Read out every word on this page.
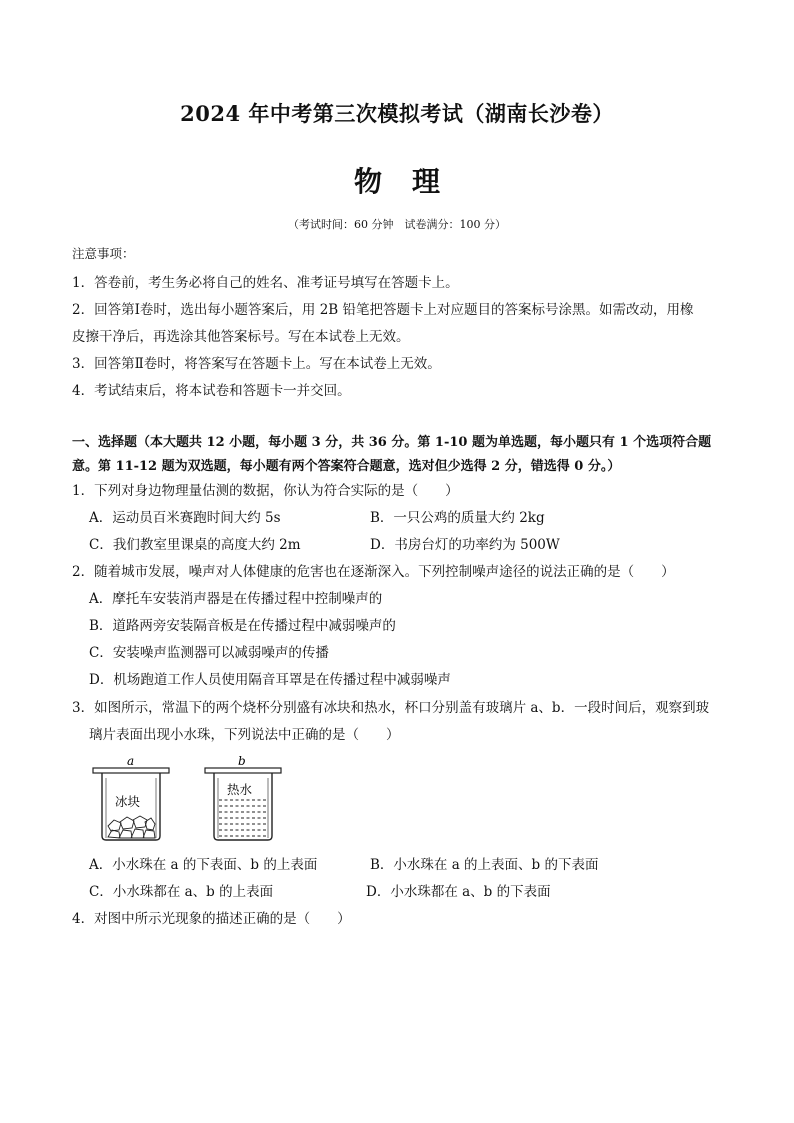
2024 年中考第三次模拟考试（湖南长沙卷）
物理
（考试时间：60 分钟　试卷满分：100 分）
注意事项：
1．答卷前，考生务必将自己的姓名、准考证号填写在答题卡上。
2．回答第Ⅰ卷时，选出每小题答案后，用 2B 铅笔把答题卡上对应题目的答案标号涂黑。如需改动，用橡
皮擦干净后，再选涂其他答案标号。写在本试卷上无效。
3．回答第Ⅱ卷时，将答案写在答题卡上。写在本试卷上无效。
4．考试结束后，将本试卷和答题卡一并交回。
一、选择题（本大题共 12 小题，每小题 3 分，共 36 分。第 1-10 题为单选题，每小题只有 1 个选项符合题
意。第 11-12 题为双选题，每小题有两个答案符合题意，选对但少选得 2 分，错选得 0 分。）
1．下列对身边物理量估测的数据，你认为符合实际的是（　　）
A．运动员百米赛跑时间大约 5s	B．一只公鸡的质量大约 2kg
C．我们教室里课桌的高度大约 2m	D．书房台灯的功率约为 500W
2．随着城市发展，噪声对人体健康的危害也在逐渐深入。下列控制噪声途径的说法正确的是（　　）
A．摩托车安装消声器是在传播过程中控制噪声的
B．道路两旁安装隔音板是在传播过程中减弱噪声的
C．安装噪声监测器可以减弱噪声的传播
D．机场跑道工作人员使用隔音耳罩是在传播过程中减弱噪声
3．如图所示，常温下的两个烧杯分别盛有冰块和热水，杯口分别盖有玻璃片 a、b．一段时间后，观察到玻
璃片表面出现小水珠，下列说法中正确的是（　　）
a	b
冰块
热水
A．小水珠在 a 的下表面、b 的上表面	B．小水珠在 a 的上表面、b 的下表面
C．小水珠都在 a、b 的上表面	D．小水珠都在 a、b 的下表面
4．对图中所示光现象的描述正确的是（　　）
